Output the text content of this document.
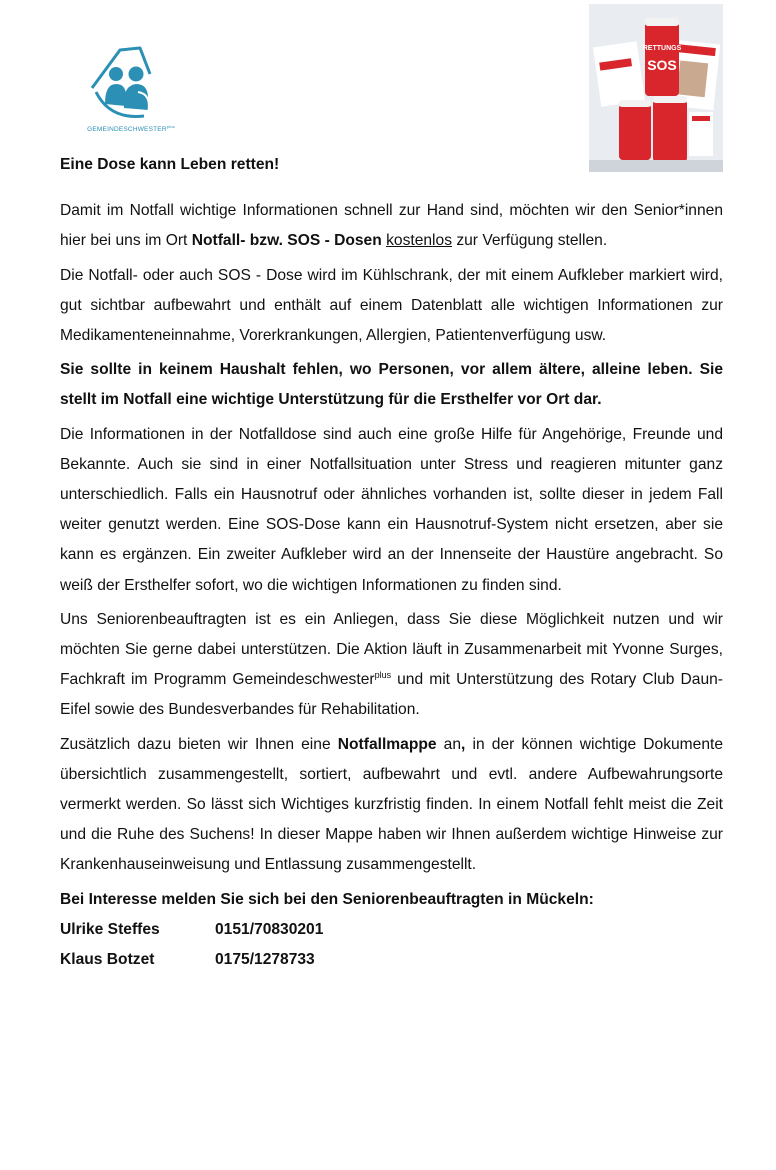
$GEMEINDESCHWESTER^{plus}$
RETTUNGS
SOS
Eine Dose kann Leben retten!

Damit im Notfall wichtige Informationen schnell zur Hand sind, möchten wir den Senior*innen hier bei uns im Ort Notfall- bzw. SOS - Dosen kostenlos zur Verfügung stellen.

Die Notfall- oder auch SOS - Dose wird im Kühlschrank, der mit einem Aufkleber markiert wird, gut sichtbar aufbewahrt und enthält auf einem Datenblatt alle wichtigen Informationen zur Medikamenteneinnahme, Vorerkrankungen, Allergien, Patientenverfügung usw.

Sie sollte in keinem Haushalt fehlen, wo Personen, vor allem ältere, alleine leben. Sie stellt im Notfall eine wichtige Unterstützung für die Ersthelfer vor Ort dar.

Die Informationen in der Notfalldose sind auch eine große Hilfe für Angehörige, Freunde und Bekannte. Auch sie sind in einer Notfallsituation unter Stress und reagieren mitunter ganz unterschiedlich. Falls ein Hausnotruf oder ähnliches vorhanden ist, sollte dieser in jedem Fall weiter genutzt werden. Eine SOS-Dose kann ein Hausnotruf-System nicht ersetzen, aber sie kann es ergänzen. Ein zweiter Aufkleber wird an der Innenseite der Haustüre angebracht. So weiß der Ersthelfer sofort, wo die wichtigen Informationen zu finden sind.

Uns Seniorenbeauftragten ist es ein Anliegen, dass Sie diese Möglichkeit nutzen und wir möchten Sie gerne dabei unterstützen. Die Aktion läuft in Zusammenarbeit mit Yvonne Surges, Fachkraft im Programm Gemeindeschwester$^{plus}$ und mit Unterstützung des Rotary Club Daun-Eifel sowie des Bundesverbandes für Rehabilitation.

Zusätzlich dazu bieten wir Ihnen eine Notfallmappe an, in der können wichtige Dokumente übersichtlich zusammengestellt, sortiert, aufbewahrt und evtl. andere Aufbewahrungsorte vermerkt werden. So lässt sich Wichtiges kurzfristig finden. In einem Notfall fehlt meist die Zeit und die Ruhe des Suchens! In dieser Mappe haben wir Ihnen außerdem wichtige Hinweise zur Krankenhauseinweisung und Entlassung zusammengestellt.

Bei Interesse melden Sie sich bei den Seniorenbeauftragten in Mückeln:
Ulrike Steffes	0151/70830201
Klaus Botzet	0175/1278733
